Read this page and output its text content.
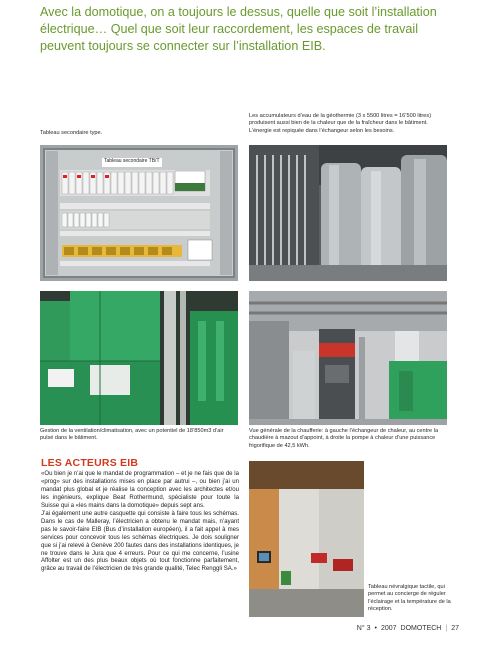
Avec la domotique, on a toujours le dessus, quelle que soit l’installation électrique… Quel que soit leur raccordement, les espaces de travail peuvent toujours se connecter sur l’installation EIB.

Tableau secondaire type.

Les accumulateurs d’eau de la géothermie (3 x 5500 litres = 16’500 litres) produisent aussi bien de la chaleur que de la fraîcheur dans le bâtiment. L’énergie est repiquée dans l’échangeur selon les besoins.

Tableau secondaire TB/T

Gestion de la ventilation/climatisation, avec un potentiel de 18’850m3 d’air pulsé dans le bâtiment.

Vue générale de la chaufferie: à gauche l’échangeur de chaleur, au centre la chaudière à mazout d’appoint, à droite la pompe à chaleur d’une puissance frigorifique de 42,5 kWh.

LES ACTEURS EIB

«Ou bien je n’ai que le mandat de programmation – et je ne fais que de la «prog» sur des installations mises en place par autrui –, ou bien j’ai un mandat plus global et je réalise la conception avec les architectes et/ou les ingénieurs, explique Beat Rothermund, spécialiste pour toute la Suisse qui a «les mains dans la domotique» depuis sept ans.

J’ai également une autre casquette qui consiste à faire tous les schémas. Dans le cas de Malleray, l’électricien a obtenu le mandat mais, n’ayant pas le savoir-faire EIB (Bus d’installation européen), il a fait appel à mes services pour concevoir tous les schémas électriques. Je dois souligner que si j’ai relevé à Genève 200 fautes dans des installations identiques, je ne trouve dans le Jura que 4 erreurs. Pour ce qui me concerne, l’usine Affolter est un des plus beaux objets où tout fonctionne parfaitement, grâce au travail de l’électricien de très grande qualité, Telec Renggli SA.»

Tableau névralgique tactile, qui permet au concierge de réguler l’éclairage et la température de la réception.

N° 3 • 2007 DOMOTECH | 27
